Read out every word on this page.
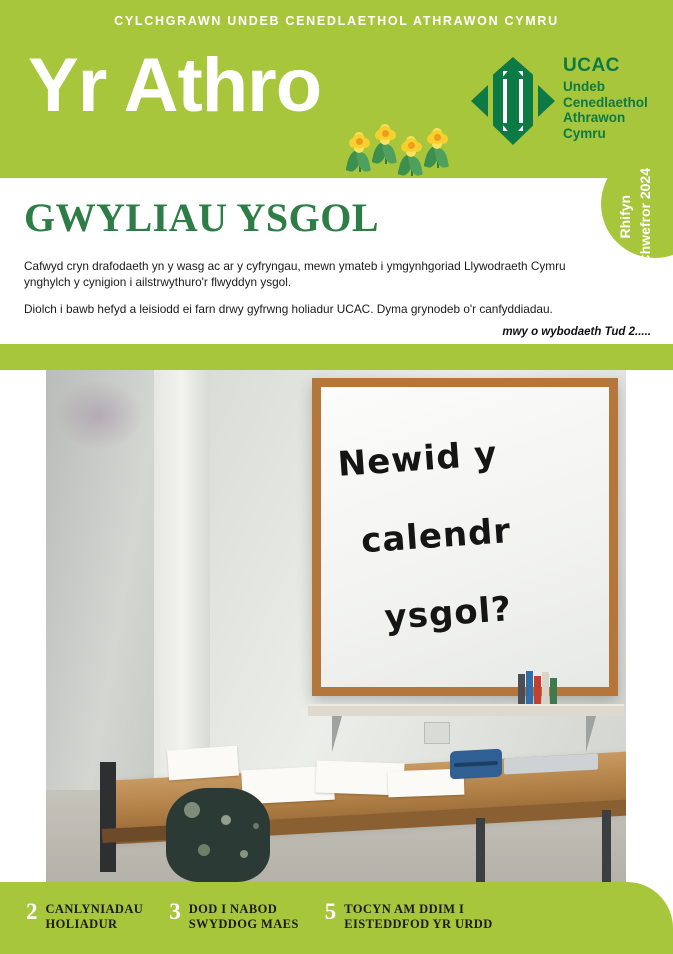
CYLCHGRAWN UNDEB CENEDLAETHOL ATHRAWON CYMRU
Yr Athro	UCAC
Undeb
Cenedlaethol
Athrawon
Cymru
Rhifyn Chwefror 2024
GWYLIAU YSGOL

Cafwyd cryn drafodaeth yn y wasg ac ar y cyfryngau, mewn ymateb i ymgynhgoriad Llywodraeth Cymru ynghylch y cynigion i ailstrwythuro'r flwyddyn ysgol.

Diolch i bawb hefyd a leisiodd ei farn drwy gyfrwng holiadur UCAC. Dyma grynodeb o'r canfyddiadau.

mwy o wybodaeth Tud 2.....
Newid y
calendr
ysgol?
2 CANLYNIADAU
HOLIADUR	3 DOD I NABOD
SWYDDOG MAES 5 TOCYN AM DDIM I
EISTEDDFOD YR URDD
